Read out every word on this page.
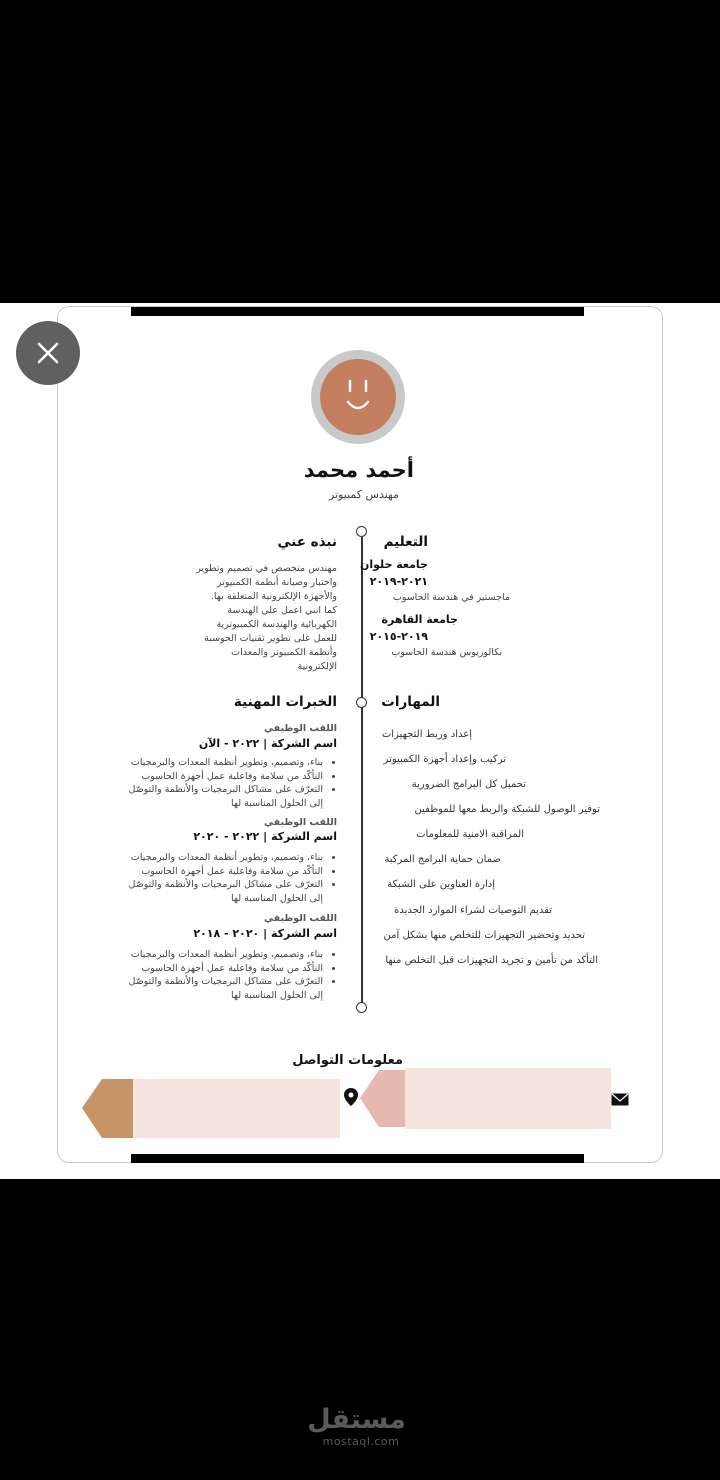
أحمد محمد
مهندس كمبيوتر
نبذه عني
مهندس متخصص في تصميم وتطوير
واختبار وصيانة أنظمة الكمبيوتر
والأجهزة الإلكترونية المتعلقة بها.
كما انني اعمل علي الهندسة
الكهربائية والهندسة الكمبيوترية
للعمل على تطوير تقنيات الحوسبة
وأنظمة الكمبيوتر والمعدات
الإلكترونية
التعليم
جامعة حلوان
٢٠٢١-٢٠١٩
ماجستير في هندسة الحاسوب
جامعة القاهرة
٢٠١٩-٢٠١٥
بكالوريوس هندسة الحاسوب
الخبرات المهنية
اللقب الوظيفي
اسم الشركة | ٢٠٢٢ - الآن
• بناء، وتصميم، وتطوير أنظمة المعدات والبرمجيات
• التأكّد من سلامة وفاعلية عمل أجهزة الحاسوب
• التعرّف على مشاكل البرمجيات والأنظمة والتوصّل
إلى الحلول المناسبة لها
اللقب الوظيفي
اسم الشركة | ٢٠٢٢ - ٢٠٢٠
• بناء، وتصميم، وتطوير أنظمة المعدات والبرمجيات
• التأكّد من سلامة وفاعلية عمل أجهزة الحاسوب
• التعرّف على مشاكل البرمجيات والأنظمة والتوصّل
إلى الحلول المناسبة لها
اللقب الوظيفي
اسم الشركة | ٢٠٢٠ - ٢٠١٨
• بناء، وتصميم، وتطوير أنظمة المعدات والبرمجيات
• التأكّد من سلامة وفاعلية عمل أجهزة الحاسوب
• التعرّف على مشاكل البرمجيات والأنظمة والتوصّل
إلى الحلول المناسبة لها
المهارات
إعداد وربط التجهيزات
تركيب وإعداد أجهزة الكمبيوتر
تحميل كل البرامج الضرورية
توفير الوصول للشبكة والربط معها للموظفين
المراقبة الامنية للمعلومات
ضمان حماية البرامج المركبة
إدارة العناوين على الشبكة
تقديم التوصيات لشراء الموارد الجديدة
تحديد وتحضير التجهيزات للتخلص منها بشكل آمن
التأكد من تأمين و تجريد التجهيزات قبل التخلص منها
معلومات التواصل
مستقل
mostaql.com
